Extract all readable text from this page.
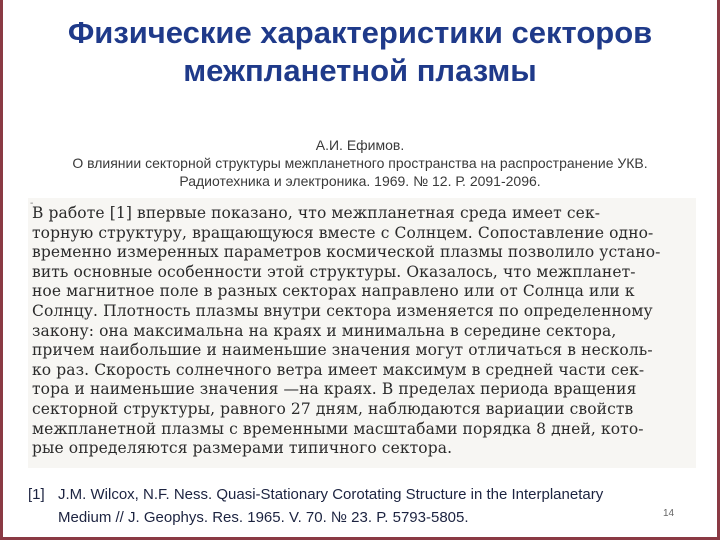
Физические характеристики секторов
межпланетной плазмы
А.И. Ефимов.
О влиянии секторной структуры межпланетного пространства на распространение УКВ.
Радиотехника и электроника. 1969. № 12. Р. 2091-2096.
-
В работе [1] впервые показано, что межпланетная среда имеет сек-
торную структуру, вращающуюся вместе с Солнцем. Сопоставление одно-
временно измеренных параметров космической плазмы позволило устано-
вить основные особенности этой структуры. Оказалось, что межпланет-
ное магнитное поле в разных секторах направлено или от Солнца или к
Солнцу. Плотность плазмы внутри сектора изменяется по определенному
закону: она максимальна на краях и минимальна в середине сектора,
причем наибольшие и наименьшие значения могут отличаться в несколь-
ко раз. Скорость солнечного ветра имеет максимум в средней части сек-
тора и наименьшие значения —на краях. В пределах периода вращения
секторной структуры, равного 27 дням, наблюдаются вариации свойств
межпланетной плазмы с временными масштабами порядка 8 дней, кото-
рые определяются размерами типичного сектора.
[1] J.M. Wilcox, N.F. Ness. Quasi-Stationary Corotating Structure in the Interplanetary
Medium // J. Geophys. Res. 1965. V. 70. № 23. P. 5793-5805.	14
